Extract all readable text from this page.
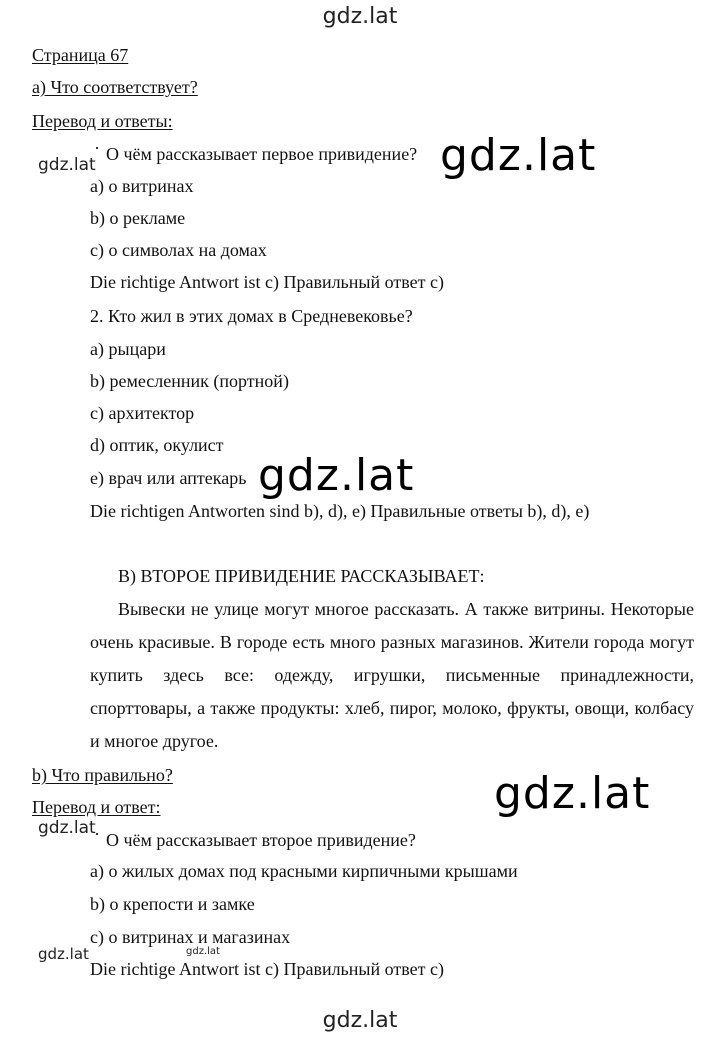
gdz.lat
gdz.lat
gdz.lat
gdz.lat
gdz.lat
gdz.lat
gdz.lat	gdz.lat
gdz.lat
Страница 67
а) Что соответствует?
Перевод и ответы:
· О чём рассказывает первое привидение?
а) о витринах
b) о рекламе
с) о символах на домах
Die richtige Antwort ist c) Правильный ответ с)
2. Кто жил в этих домах в Средневековье?
а) рыцари
b) ремесленник (портной)
с) архитектор
d) оптик, окулист
е) врач или аптекарь
Die richtigen Antworten sind b), d), e) Правильные ответы b), d), e)
В) ВТОРОЕ ПРИВИДЕНИЕ РАССКАЗЫВАЕТ:
Вывески не улице могут многое рассказать. А также витрины. Некоторые очень красивые. В городе есть много разных магазинов. Жители города могут купить здесь все: одежду, игрушки, письменные принадлежности, спорттовары, а также продукты: хлеб, пирог, молоко, фрукты, овощи, колбасу и многое другое.
b) Что правильно?
Перевод и ответ:
· О чём рассказывает второе привидение?
а) о жилых домах под красными кирпичными крышами
b) о крепости и замке
с) о витринах и магазинах
Die richtige Antwort ist c) Правильный ответ с)
